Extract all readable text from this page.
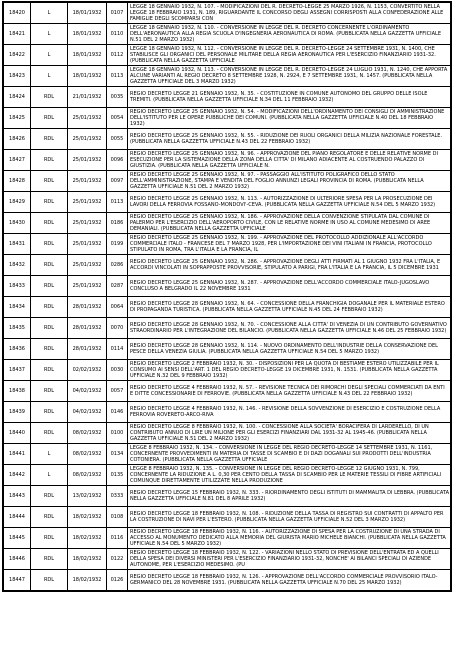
18420	L	18/01/1932	0107	LEGGE 18 GENNAIO 1932, N. 107. - MODIFICAZIONI DEL R. DECRETO-LEGGE 25 MARZO 1926, N. 1153, CONVERTITO NELLA LEGGE 18 FEBBRAIO 1931, N. 189, RIGUARDANTE IL CONCORSO DEGLI ASSEGNI CORRISPOSTI ALLA CONFEDERAZIONE ALLE FAMIGLIE DEGLI SCOMPARSI CON
18421	L	18/01/1932	0110	LEGGE 18 GENNAIO 1932, N. 110. - CONVERSIONE IN LEGGE DEL R. DECRETO CONCERNENTE L'ORDINAMENTO DELL'AERONAUTICA ALLA REGIA SCUOLA D'INGEGNERIA AERONAUTICA DI ROMA. (PUBBLICATA NELLA GAZZETTA UFFICIALE N.51 DEL 2 MARZO 1932)
18422	L	18/01/1932	0112	LEGGE 18 GENNAIO 1932, N. 112. - CONVERSIONE IN LEGGE DEL R. DECRETO-LEGGE 24 SETTEMBRE 1931, N. 1400, CHE STABILISCE GLI ORGANICI DEL PERSONALE MILITARE DELLA REGIA AERONAUTICA PER L'ESERCIZIO FINANZIARIO 1931-32. (PUBBLICATA NELLA GAZZETTA UFFICIALE
18423	L	18/01/1932	0113	LEGGE 18 GENNAIO 1932, N. 113. - CONVERSIONE IN LEGGE DEL R. DECRETO-LEGGE 24 LUGLIO 1931, N. 1240, CHE APPORTA ALCUNE VARIANTI AL REGIO DECRETO 8 SETTEMBRE 1928, N. 2924, E 7 SETTEMBRE 1931, N. 1457. (PUBBLICATA NELLA GAZZETTA UFFICIALE DEL 3 MARZO 1932)
18424	RDL	21/01/1932	0035	REGIO DECRETO LEGGE 21 GENNAIO 1932, N. 35. - COSTITUZIONE IN COMUNE AUTONOMO DEL GRUPPO DELLE ISOLE TREMITI. (PUBBLICATA NELLA GAZZETTA UFFICIALE N.34 DEL 11 FEBBRAIO 1932)
18425	RDL	25/01/1932	0054	REGIO DECRETO LEGGE 25 GENNAIO 1932, N. 54. - MODIFICAZIONI DELL'ORDINAMENTO DEI CONSIGLI DI AMMINISTRAZIONE DELL'ISTITUTO PER LE OPERE PUBBLICHE DEI COMUNI. (PUBBLICATA NELLA GAZZETTA UFFICIALE N.40 DEL 18 FEBBRAIO 1932)
18426	RDL	25/01/1932	0055	REGIO DECRETO LEGGE 25 GENNAIO 1932, N. 55. - RIDUZIONE DEI RUOLI ORGANICI DELLA MILIZIA NAZIONALE FORESTALE. (PUBBLICATA NELLA GAZZETTA UFFICIALE N.43 DEL 22 FEBBRAIO 1932)
18427	RDL	25/01/1932	0096	REGIO DECRETO LEGGE 25 GENNAIO 1932, N. 96. - APPROVAZIONE DEL PIANO REGOLATORE E DELLE RELATIVE NORME DI ESECUZIONE PER LA SISTEMAZIONE DELLA ZONA DELLA CITTA' DI MILANO ADIACENTE AL COSTRUENDO PALAZZO DI GIUSTIZIA. (PUBBLICATA NELLA GAZZETTA UFFICIALE N.
18428	RDL	25/01/1932	0097	REGIO DECRETO LEGGE 25 GENNAIO 1932, N. 97. - PASSAGGIO ALL'ISTITUTO POLIGRAFICO DELLO STATO DELL'AMMINISTRAZIONE, STAMPA E VENDITA DEL FOGLIO ANNUNZI LEGALI PROVINCIA DI ROMA. (PUBBLICATA NELLA GAZZETTA UFFICIALE N.51 DEL 2 MARZO 1932)
18429	RDL	25/01/1932	0113	REGIO DECRETO LEGGE 25 GENNAIO 1932, N. 113. - AUTORIZZAZIONE DI ULTERIORE SPESA PER LA PROSECUZIONE DEI LAVORI DELLA FERROVIA FOSSANO-MONDOVI'-CEVA. (PUBBLICATA NELLA GAZZETTA UFFICIALE N.54 DEL 5 MARZO 1932)
18430	RDL	25/01/1932	0186	REGIO DECRETO LEGGE 25 GENNAIO 1932, N. 186. - APPROVAZIONE DELLA CONVENZIONE STIPULATA DAL COMUNE DI PALERMO PER L'ESERCIZIO DELL'AEROPORTO CIVILE, CON LE RELATIVE NORME IN USO AL COMUNE MEDESIMO DI AREE DEMANIALI. (PUBBLICATA NELLA GAZZETTA UFFICIALE
18431	RDL	25/01/1932	0199	REGIO DECRETO LEGGE 25 GENNAIO 1932, N. 199. - APPROVAZIONE DEL PROTOCOLLO ADDIZIONALE ALL'ACCORDO COMMERCIALE ITALO - FRANCESE DEL 7 MARZO 1928, PER L'IMPORTAZIONE DEI VINI ITALIANI IN FRANCIA, PROTOCOLLO STIPULATO IN ROMA, TRA L'ITALIA E LA FRANCIA, IL
18432	RDL	25/01/1932	0286	REGIO DECRETO LEGGE 25 GENNAIO 1932, N. 286. - APPROVAZIONE DEGLI ATTI FIRMATI AL 1 GIUGNO 1932 FRA L'ITALIA, E ACCORDI VINCOLATI IN SOPRAPPOSTE PROVVISORIE, STIPULATO A PARIGI, FRA L'ITALIA E LA FRANCIA, IL 5 DICEMBRE 1931
18433	RDL	25/01/1932	0287	REGIO DECRETO LEGGE 25 GENNAIO 1932, N. 287. - APPROVAZIONE DELL'ACCORDO COMMERCIALE ITALO-JUGOSLAVO CONCLUSO A BELGRADO IL 22 NOVEMBRE 1931
18434	RDL	28/01/1932	0064	REGIO DECRETO LEGGE 28 GENNAIO 1932, N. 64. - CONCESSIONE DELLA FRANCHIGIA DOGANALE PER IL MATERIALE ESTERO DI PROPAGANDA TURISTICA. (PUBBLICATA NELLA GAZZETTA UFFICIALE N.45 DEL 24 FEBBRAIO 1932)
18435	RDL	28/01/1932	0070	REGIO DECRETO LEGGE 28 GENNAIO 1932, N. 70. - CONCESSIONE ALLA CITTA' DI VENEZIA DI UN CONTRIBUTO GOVERNATIVO STRAORDINARIO PER L'INTEGRAZIONE DEL BILANCIO. (PUBBLICATA NELLA GAZZETTA UFFICIALE N.46 DEL 25 FEBBRAIO 1932)
18436	RDL	28/01/1932	0114	REGIO DECRETO LEGGE 28 GENNAIO 1932, N. 114. - NUOVO ORDINAMENTO DELL'INDUSTRIE DELLA CONSERVAZIONE DEL PESCE DELLA VENEZIA GIULIA. (PUBBLICATA NELLA GAZZETTA UFFICIALE N.54 DEL 5 MARZO 1932)
18437	RDL	02/02/1932	0030	REGIO DECRETO LEGGE 2 FEBBRAIO 1932, N. 30. - DISPOSIZIONI PER LA QUOTA DI BESTIAME ESTERO UTILIZZABILE PER IL CONSUMO AI SENSI DELL'ART. 1 DEL REGIO DECRETO-LEGGE 19 DICEMBRE 1931, N. 1531. (PUBBLICATA NELLA GAZZETTA UFFICIALE N.32 DEL 9 FEBBRAIO 1932)
18438	RDL	04/02/1932	0057	REGIO DECRETO LEGGE 4 FEBBRAIO 1932, N. 57. - REVISIONE TECNICA DEI RIMORCHI DEGLI SPECIALI COMMERCIATI DA ENTI E DITTE CONCESSIONARIE DI FERROVIE. (PUBBLICATA NELLA GAZZETTA UFFICIALE N.43 DEL 22 FEBBRAIO 1932)
18439	RDL	04/02/1932	0146	REGIO DECRETO LEGGE 4 FEBBRAIO 1932, N. 146. - REVISIONE DELLA SOVVENZIONE DI ESERCIZIO E COSTRUZIONE DELLA FERROVIA ROVERETO-ARCO-RIVA
18440	RDL	08/02/1932	0100	REGIO DECRETO LEGGE 8 FEBBRAIO 1932, N. 100. - CONCESSIONE ALLA SOCIETA' BORACIFERA DI LARDERELLO, DI UN CONTRIBUTO ANNUO DI LIRE UN MILIONE PER GLI ESERCIZI FINANZIARI DAL 1931-32 AL 1945-46. (PUBBLICATA NELLA GAZZETTA UFFICIALE N.51 DEL 2 MARZO 1932)
18441	L	08/02/1932	0134	LEGGE 8 FEBBRAIO 1932, N. 134. - CONVERSIONE IN LEGGE DEL REGIO DECRETO-LEGGE 14 SETTEMBRE 1931, N. 1161, CONCERNENTE PROVVEDIMENTI IN MATERIA DI TASSE DI SCAMBIO E DI DAZI DOGANALI SUI PRODOTTI DELL'INDUSTRIA COTONIERA. (PUBBLICATA NELLA GAZZETTA UFFICIALE
18442	L	08/02/1932	0135	LEGGE 8 FEBBRAIO 1932, N. 135. - CONVERSIONE IN LEGGE DEL REGIO DECRETO-LEGGE 12 GIUGNO 1931, N. 799, CONCERNENTE LA RIDUZIONE A L. 0,30 PER CENTO DELLA TASSA DI SCAMBIO PER LE MATERIE TESSILI DI FIBRE ARTIFICIALI COMUNQUE DIRETTAMENTE UTILIZZATE NELLA PRODUZIONE
18443	RDL	13/02/1932	0333	REGIO DECRETO LEGGE 15 FEBBRAIO 1932, N. 333. - RIORDINAMENTO DEGLI ISTITUTI DI MAMMALITA DI LEBBRA. (PUBBLICATA NELLA GAZZETTA UFFICIALE N.81 DEL 8 APRILE 1932)
18444	RDL	18/02/1932	0108	REGIO DECRETO LEGGE 18 FEBBRAIO 1932, N. 108. - RIDUZIONE DELLA TASSA DI REGISTRO SUI CONTRATTI DI APPALTO PER LA COSTRUZIONE DI NAVI PER L'ESTERO. (PUBBLICATA NELLA GAZZETTA UFFICIALE N.52 DEL 3 MARZO 1932)
18445	RDL	18/02/1932	0116	REGIO DECRETO LEGGE 18 FEBBRAIO 1932, N. 116. - AUTORIZZAZIONE DI SPESA PER LA COSTRUZIONE DI UNA STRADA DI ACCESSO AL MONUMENTO DEDICATO ALLA MEMORIA DEL GIURISTA MARIO MICHELE BIANCHI. (PUBBLICATA NELLA GAZZETTA UFFICIALE N.54 DEL 5 MARZO 1932)
18446	RDL	18/02/1932	0122	REGIO DECRETO LEGGE 18 FEBBRAIO 1932, N. 122. - VARIAZIONI NELLO STATO DI PREVISIONE DELL'ENTRATA ED A QUELLI DELLA SPESA DEI DIVERSI MINISTERI PER L'ESERCIZIO FINANZIARIO 1931-32, NONCHE' AI BILANCI SPECIALI DI AZIENDE AUTONOME, PER L'ESERCIZIO MEDESIMO. (PU
18447	RDL	18/02/1932	0126	REGIO DECRETO LEGGE 18 FEBBRAIO 1932, N. 126. - APPROVAZIONE DELL'ACCORDO COMMERCIALE PROVVISORIO ITALO-GERMANICO DEL 28 NOVEMBRE 1931. (PUBBLICATA NELLA GAZZETTA UFFICIALE N.70 DEL 25 MARZO 1932)
